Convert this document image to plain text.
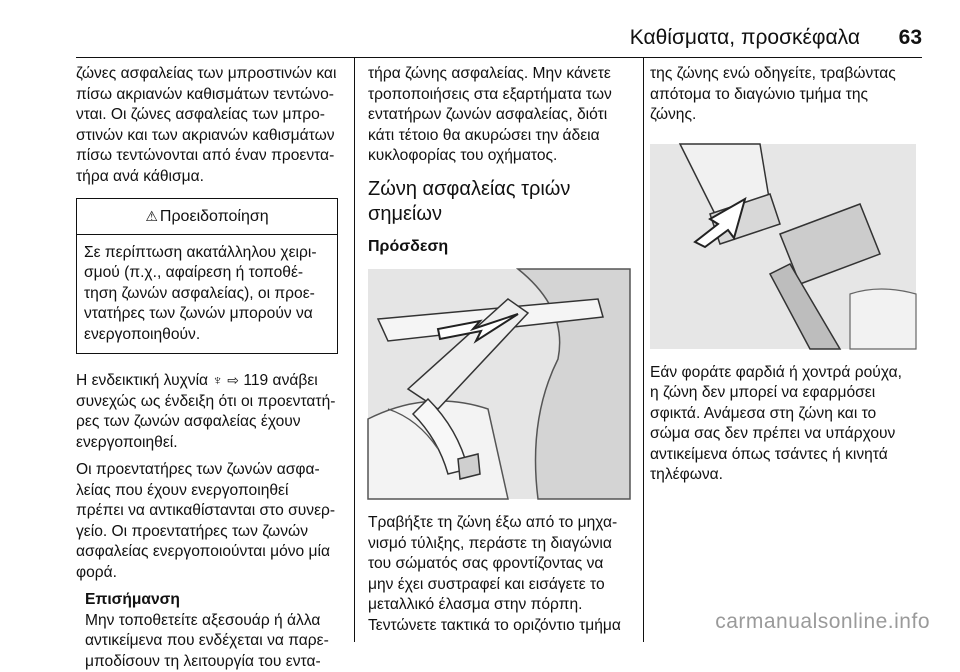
Καθίσματα, προσκέφαλα 63

ζώνες ασφαλείας των μπροστινών και
πίσω ακριανών καθισμάτων τεντώνο-
νται. Οι ζώνες ασφαλείας των μπρο-
στινών και των ακριανών καθισμάτων
πίσω τεντώνονται από έναν προεντα-
τήρα ανά κάθισμα.

⚠ Προειδοποίηση
Σε περίπτωση ακατάλληλου χειρι-
σμού (π.χ., αφαίρεση ή τοποθέ-
τηση ζωνών ασφαλείας), οι προε-
ντατήρες των ζωνών μπορούν να
ενεργοποιηθούν.

Η ενδεικτική λυχνία ♆ ⇨ 119 ανάβει
συνεχώς ως ένδειξη ότι οι προεντατή-
ρες των ζωνών ασφαλείας έχουν
ενεργοποιηθεί.

Οι προεντατήρες των ζωνών ασφα-
λείας που έχουν ενεργοποιηθεί
πρέπει να αντικαθίστανται στο συνερ-
γείο. Οι προεντατήρες των ζωνών
ασφαλείας ενεργοποιούνται μόνο μία
φορά.

Επισήμανση
Μην τοποθετείτε αξεσουάρ ή άλλα
αντικείμενα που ενδέχεται να παρε-
μποδίσουν τη λειτουργία του εντα-

τήρα ζώνης ασφαλείας. Μην κάνετε
τροποποιήσεις στα εξαρτήματα των
εντατήρων ζωνών ασφαλείας, διότι
κάτι τέτοιο θα ακυρώσει την άδεια
κυκλοφορίας του οχήματος.

Ζώνη ασφαλείας τριών
σημείων
Πρόσδεση

Τραβήξτε τη ζώνη έξω από το μηχα-
νισμό τύλιξης, περάστε τη διαγώνια
του σώματός σας φροντίζοντας να
μην έχει συστραφεί και εισάγετε το
μεταλλικό έλασμα στην πόρπη.
Τεντώνετε τακτικά το οριζόντιο τμήμα

της ζώνης ενώ οδηγείτε, τραβώντας
απότομα το διαγώνιο τμήμα της
ζώνης.

Εάν φοράτε φαρδιά ή χοντρά ρούχα,
η ζώνη δεν μπορεί να εφαρμόσει
σφικτά. Ανάμεσα στη ζώνη και το
σώμα σας δεν πρέπει να υπάρχουν
αντικείμενα όπως τσάντες ή κινητά
τηλέφωνα.

carmanualsonline.info
